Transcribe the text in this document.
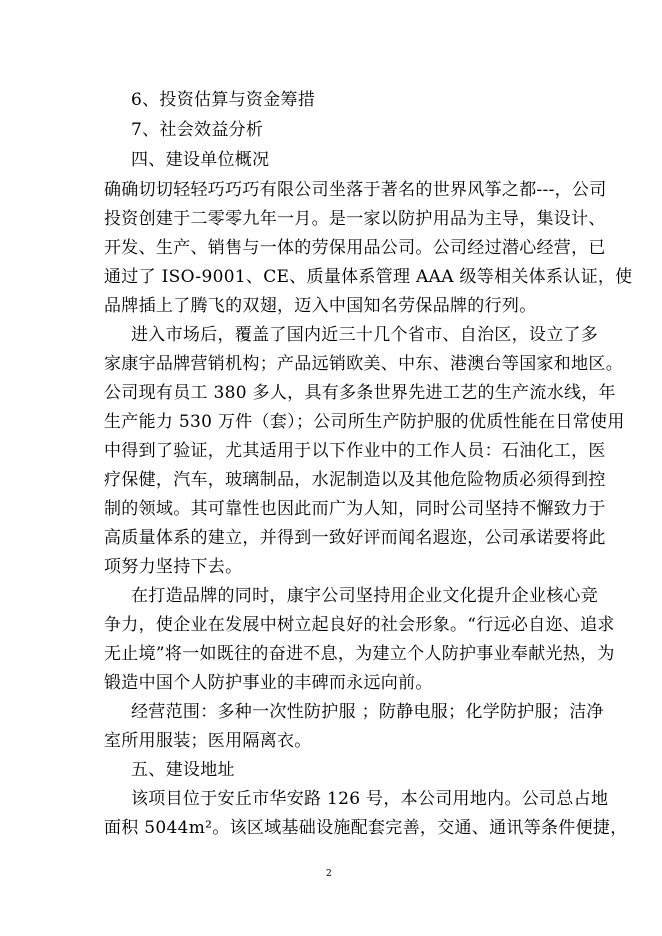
6、投资估算与资金筹措
7、社会效益分析
四、建设单位概况
确确切切轻轻巧巧巧有限公司坐落于著名的世界风筝之都---，公司
投资创建于二零零九年一月。是一家以防护用品为主导，集设计、
开发、生产、销售与一体的劳保用品公司。公司经过潜心经营，已
通过了 ISO-9001、CE、质量体系管理 AAA 级等相关体系认证，使
品牌插上了腾飞的双翅，迈入中国知名劳保品牌的行列。
进入市场后，覆盖了国内近三十几个省市、自治区，设立了多
家康宇品牌营销机构；产品远销欧美、中东、港澳台等国家和地区。
公司现有员工 380 多人，具有多条世界先进工艺的生产流水线，年
生产能力 530 万件（套）；公司所生产防护服的优质性能在日常使用
中得到了验证，尤其适用于以下作业中的工作人员：石油化工，医
疗保健，汽车，玻璃制品，水泥制造以及其他危险物质必须得到控
制的领域。其可靠性也因此而广为人知，同时公司坚持不懈致力于
高质量体系的建立，并得到一致好评而闻名遐迩，公司承诺要将此
项努力坚持下去。
在打造品牌的同时，康宇公司坚持用企业文化提升企业核心竞
争力，使企业在发展中树立起良好的社会形象。“行远必自迩、追求
无止境”将一如既往的奋进不息，为建立个人防护事业奉献光热，为
锻造中国个人防护事业的丰碑而永远向前。
经营范围：多种一次性防护服 ；防静电服；化学防护服；洁净
室所用服装；医用隔离衣。
五、建设地址
该项目位于安丘市华安路 126 号，本公司用地内。公司总占地
面积 5044m²。该区域基础设施配套完善，交通、通讯等条件便捷，
2
